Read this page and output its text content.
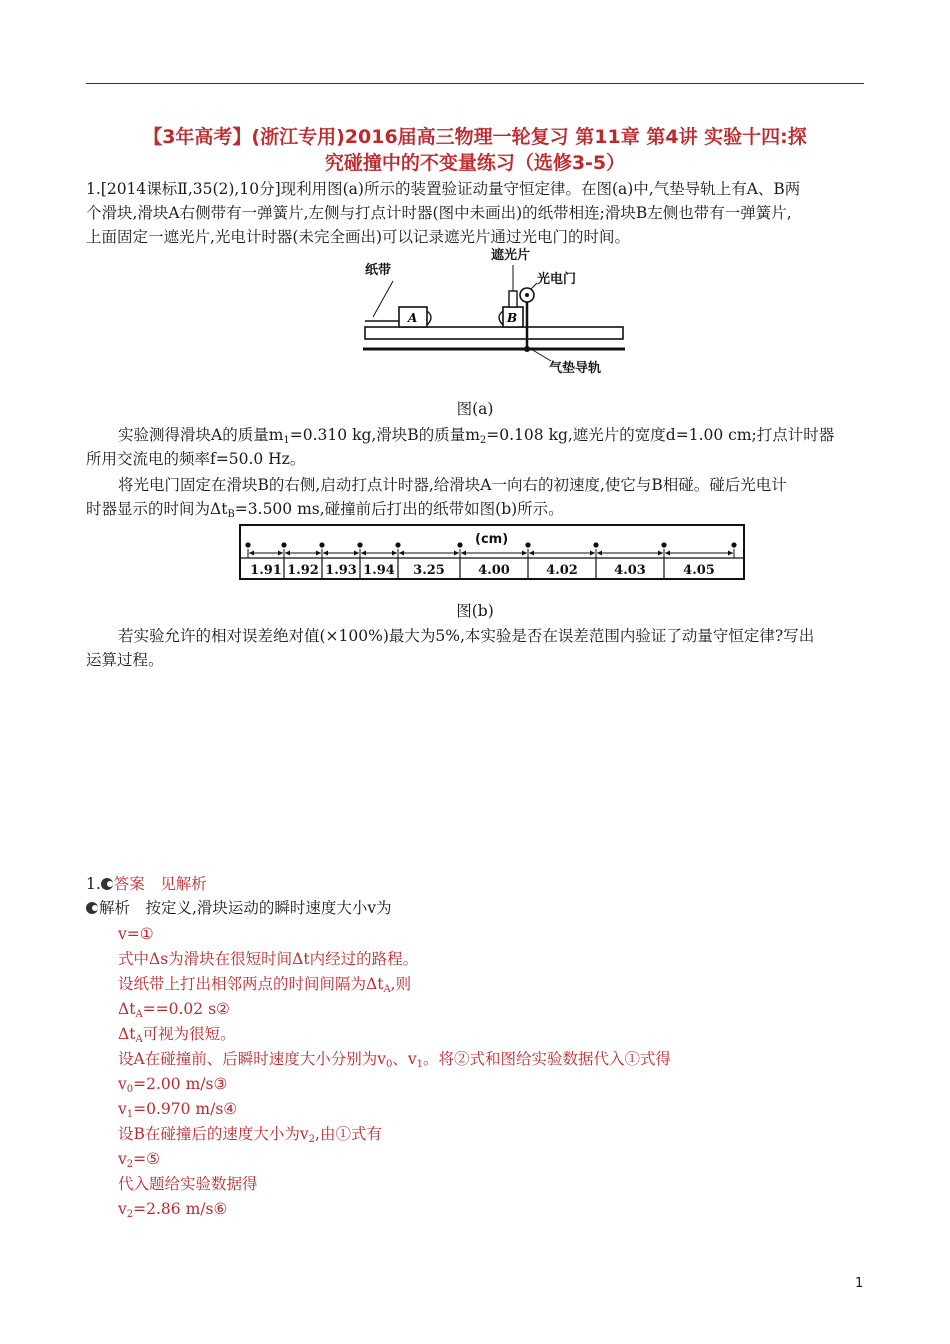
【3年高考】(浙江专用)2016届高三物理一轮复习 第11章 第4讲 实验十四:探
究碰撞中的不变量练习（选修3-5）
1.[2014课标Ⅱ,35(2),10分]现利用图(a)所示的装置验证动量守恒定律。在图(a)中,气垫导轨上有A、B两
个滑块,滑块A右侧带有一弹簧片,左侧与打点计时器(图中未画出)的纸带相连;滑块B左侧也带有一弹簧片,
上面固定一遮光片,光电计时器(未完全画出)可以记录遮光片通过光电门的时间。
纸带
遮光片
光电门
气垫导轨
A	B
图(a)
实验测得滑块A的质量$m_1=0.310$ kg,滑块B的质量$m_2=0.108$ kg,遮光片的宽度d=1.00 cm;打点计时器
所用交流电的频率f=50.0 Hz。
将光电门固定在滑块B的右侧,启动打点计时器,给滑块A一向右的初速度,使它与B相碰。碰后光电计
时器显示的时间为$\Delta t_B=3.500$ ms,碰撞前后打出的纸带如图(b)所示。
1.91 1.92 1.93 1.94 3.25	4.00	4.02	4.03	4.05
(cm)
图(b)
若实验允许的相对误差绝对值(×100%)最大为5%,本实验是否在误差范围内验证了动量守恒定律?写出
运算过程。
1. 答案　见解析
解析　按定义,滑块运动的瞬时速度大小v为
v=①
式中Δs为滑块在很短时间Δt内经过的路程。
设纸带上打出相邻两点的时间间隔为$\Delta t_A$,则
$\Delta t_A==0.02$ s②
$\Delta t_A$可视为很短。
设A在碰撞前、后瞬时速度大小分别为$v_0$、$v_1$。将②式和图给实验数据代入①式得
$v_0=2.00$ m/s③
$v_1=0.970$ m/s④
设B在碰撞后的速度大小为$v_2$,由①式有
$v_2=⑤$
代入题给实验数据得
$v_2=2.86$ m/s⑥
1
